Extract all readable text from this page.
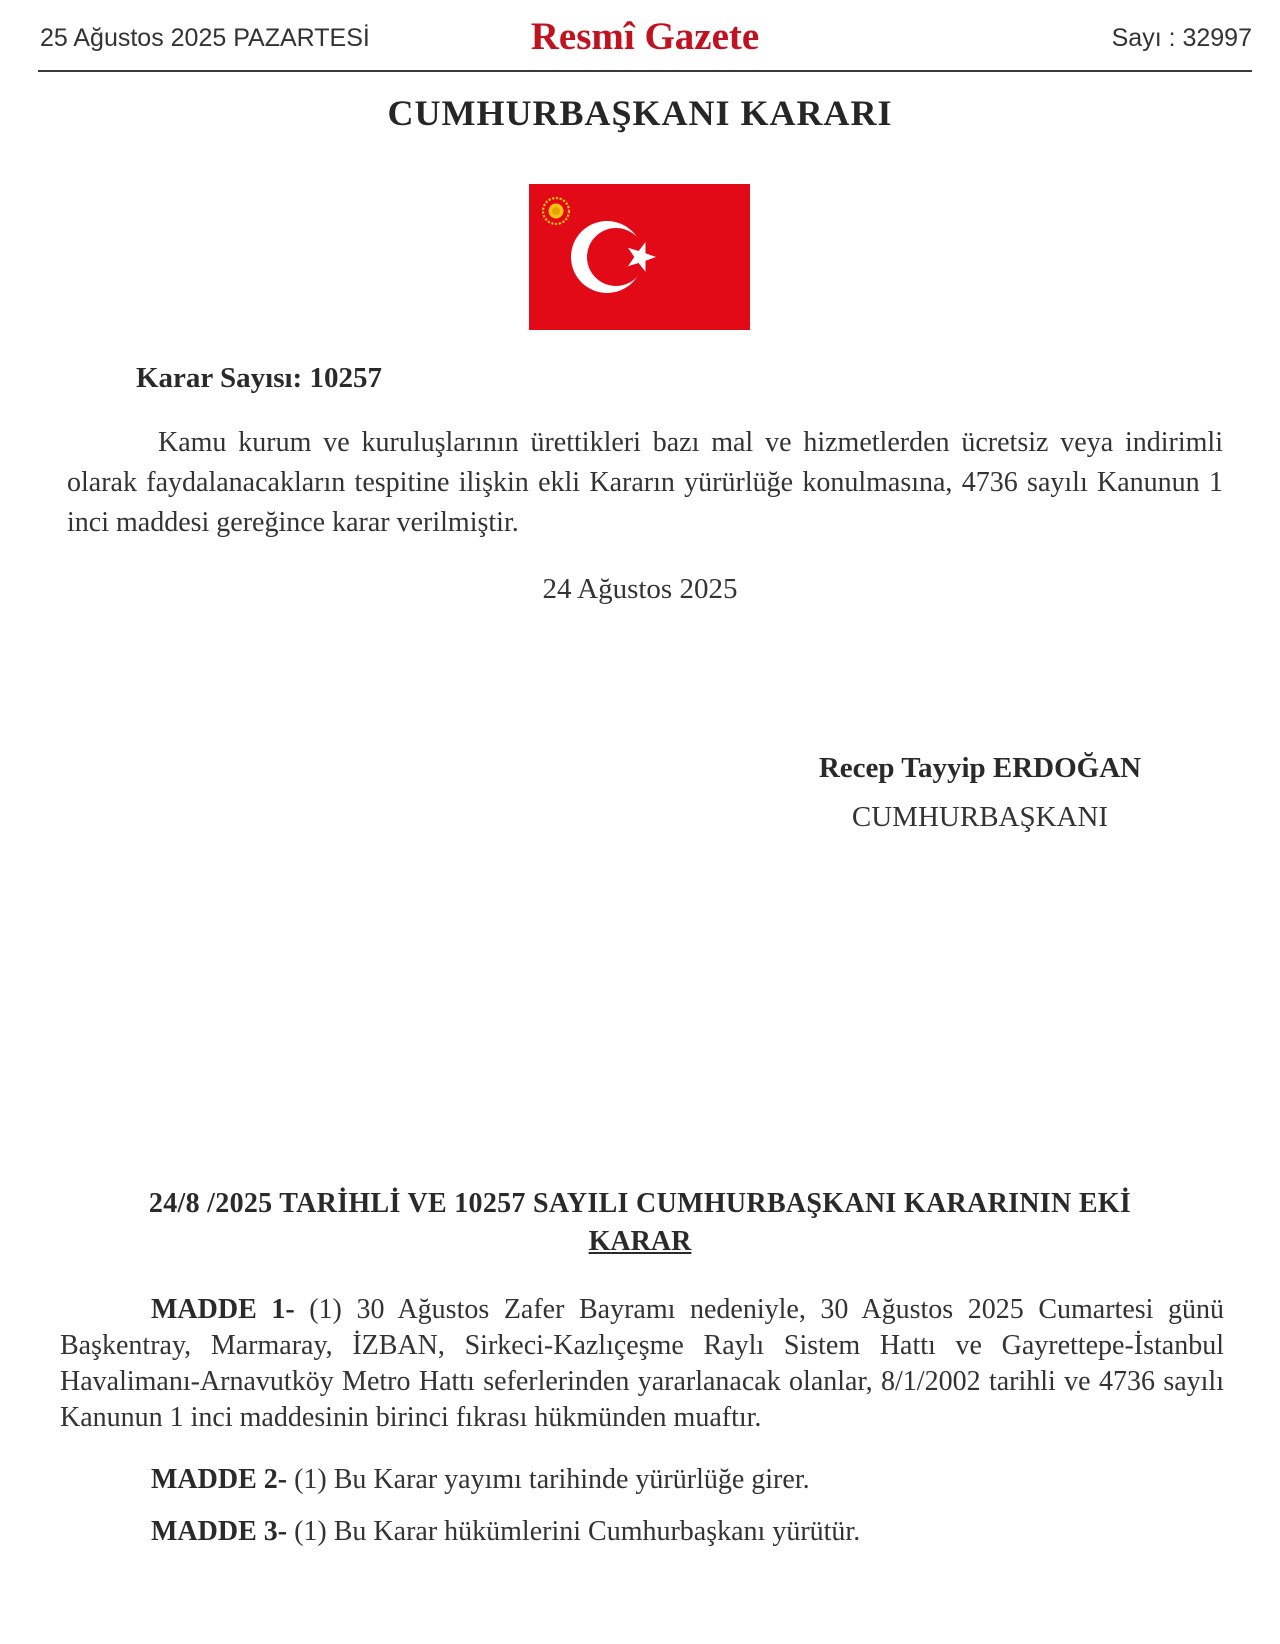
25 Ağustos 2025 PAZARTESİ	Resmî Gazete	Sayı : 32997
CUMHURBAŞKANI KARARI
Karar Sayısı: 10257

Kamu kurum ve kuruluşlarının ürettikleri bazı mal ve hizmetlerden ücretsiz veya indirimli olarak faydalanacakların tespitine ilişkin ekli Kararın yürürlüğe konulmasına, 4736 sayılı Kanunun 1 inci maddesi gereğince karar verilmiştir.

24 Ağustos 2025
Recep Tayyip ERDOĞAN
CUMHURBAŞKANI
24/8 /2025 TARİHLİ VE 10257 SAYILI CUMHURBAŞKANI KARARININ EKİ
KARAR

MADDE 1- (1) 30 Ağustos Zafer Bayramı nedeniyle, 30 Ağustos 2025 Cumartesi günü Başkentray, Marmaray, İZBAN, Sirkeci-Kazlıçeşme Raylı Sistem Hattı ve Gayrettepe-İstanbul Havalimanı-Arnavutköy Metro Hattı seferlerinden yararlanacak olanlar, 8/1/2002 tarihli ve 4736 sayılı Kanunun 1 inci maddesinin birinci fıkrası hükmünden muaftır.

MADDE 2- (1) Bu Karar yayımı tarihinde yürürlüğe girer.

MADDE 3- (1) Bu Karar hükümlerini Cumhurbaşkanı yürütür.
